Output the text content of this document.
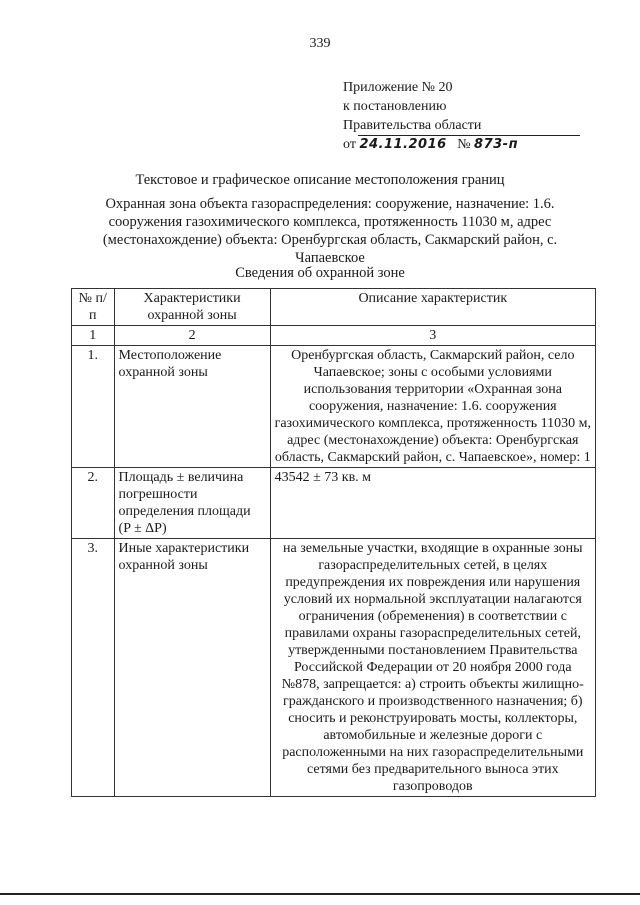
339
Приложение № 20
к постановлению
Правительства области
от 24.11.2016 № 873-п
Текстовое и графическое описание местоположения границ
Охранная зона объекта газораспределения: сооружение, назначение: 1.6. сооружения газохимического комплекса, протяженность 11030 м, адрес (местонахождение) объекта: Оренбургская область, Сакмарский район, с. Чапаевское
Сведения об охранной зоне
№ п/п	Характеристики охранной зоны	Описание характеристик
1	2	3
1.	Местоположение охранной зоны	Оренбургская область, Сакмарский район, село Чапаевское; зоны с особыми условиями использования территории «Охранная зона сооружения, назначение: 1.6. сооружения газохимического комплекса, протяженность 11030 м, адрес (местонахождение) объекта: Оренбургская область, Сакмарский район, с. Чапаевское», номер: 1
2.	Площадь ± величина погрешности определения площади (P ± ΔP)	43542 ± 73 кв. м
3.	Иные характеристики охранной зоны	на земельные участки, входящие в охранные зоны газораспределительных сетей, в целях предупреждения их повреждения или нарушения условий их нормальной эксплуатации налагаются ограничения (обременения) в соответствии с правилами охраны газораспределительных сетей, утвержденными постановлением Правительства Российской Федерации от 20 ноября 2000 года №878, запрещается: а) строить объекты жилищно-гражданского и производственного назначения; б) сносить и реконструировать мосты, коллекторы, автомобильные и железные дороги с расположенными на них газораспределительными сетями без предварительного выноса этих газопроводов
